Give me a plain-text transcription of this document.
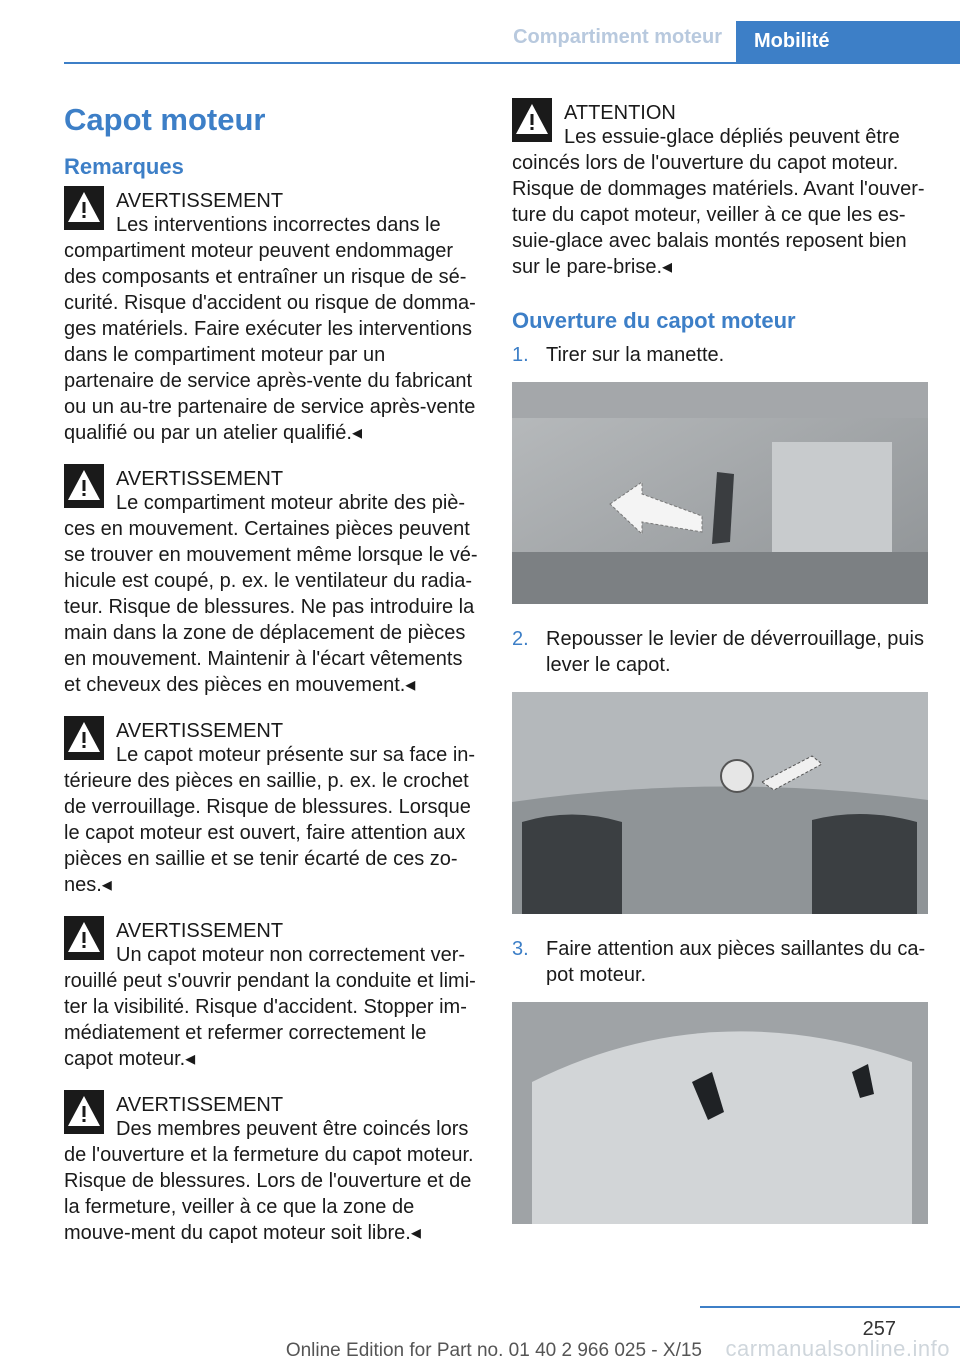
Compartiment moteur	Mobilité
Capot moteur
Remarques
AVERTISSEMENT

Les interventions incorrectes dans le compartiment moteur peuvent endommager des composants et entraîner un risque de sé-curité. Risque d'accident ou risque de domma-ges matériels. Faire exécuter les interventions dans le compartiment moteur par un partenaire de service après-vente du fabricant ou un au-tre partenaire de service après-vente qualifié ou par un atelier qualifié.◂

AVERTISSEMENT

Le compartiment moteur abrite des piè-ces en mouvement. Certaines pièces peuvent se trouver en mouvement même lorsque le vé-hicule est coupé, p. ex. le ventilateur du radia-teur. Risque de blessures. Ne pas introduire la main dans la zone de déplacement de pièces en mouvement. Maintenir à l'écart vêtements et cheveux des pièces en mouvement.◂

AVERTISSEMENT

Le capot moteur présente sur sa face in-térieure des pièces en saillie, p. ex. le crochet de verrouillage. Risque de blessures. Lorsque le capot moteur est ouvert, faire attention aux pièces en saillie et se tenir écarté de ces zo-nes.◂

AVERTISSEMENT

Un capot moteur non correctement ver-rouillé peut s'ouvrir pendant la conduite et limi-ter la visibilité. Risque d'accident. Stopper im-médiatement et refermer correctement le capot moteur.◂

AVERTISSEMENT

Des membres peuvent être coincés lors de l'ouverture et la fermeture du capot moteur. Risque de blessures. Lors de l'ouverture et de la fermeture, veiller à ce que la zone de mouve-ment du capot moteur soit libre.◂

ATTENTION

Les essuie-glace dépliés peuvent être coincés lors de l'ouverture du capot moteur. Risque de dommages matériels. Avant l'ouver-ture du capot moteur, veiller à ce que les es-suie-glace avec balais montés reposent bien sur le pare-brise.◂

Ouverture du capot moteur
1. Tirer sur la manette.
2. Repousser le levier de déverrouillage, puis lever le capot.
3. Faire attention aux pièces saillantes du ca-pot moteur.
257
Online Edition for Part no. 01 40 2 966 025 - X/15 carmanualsonline.info
